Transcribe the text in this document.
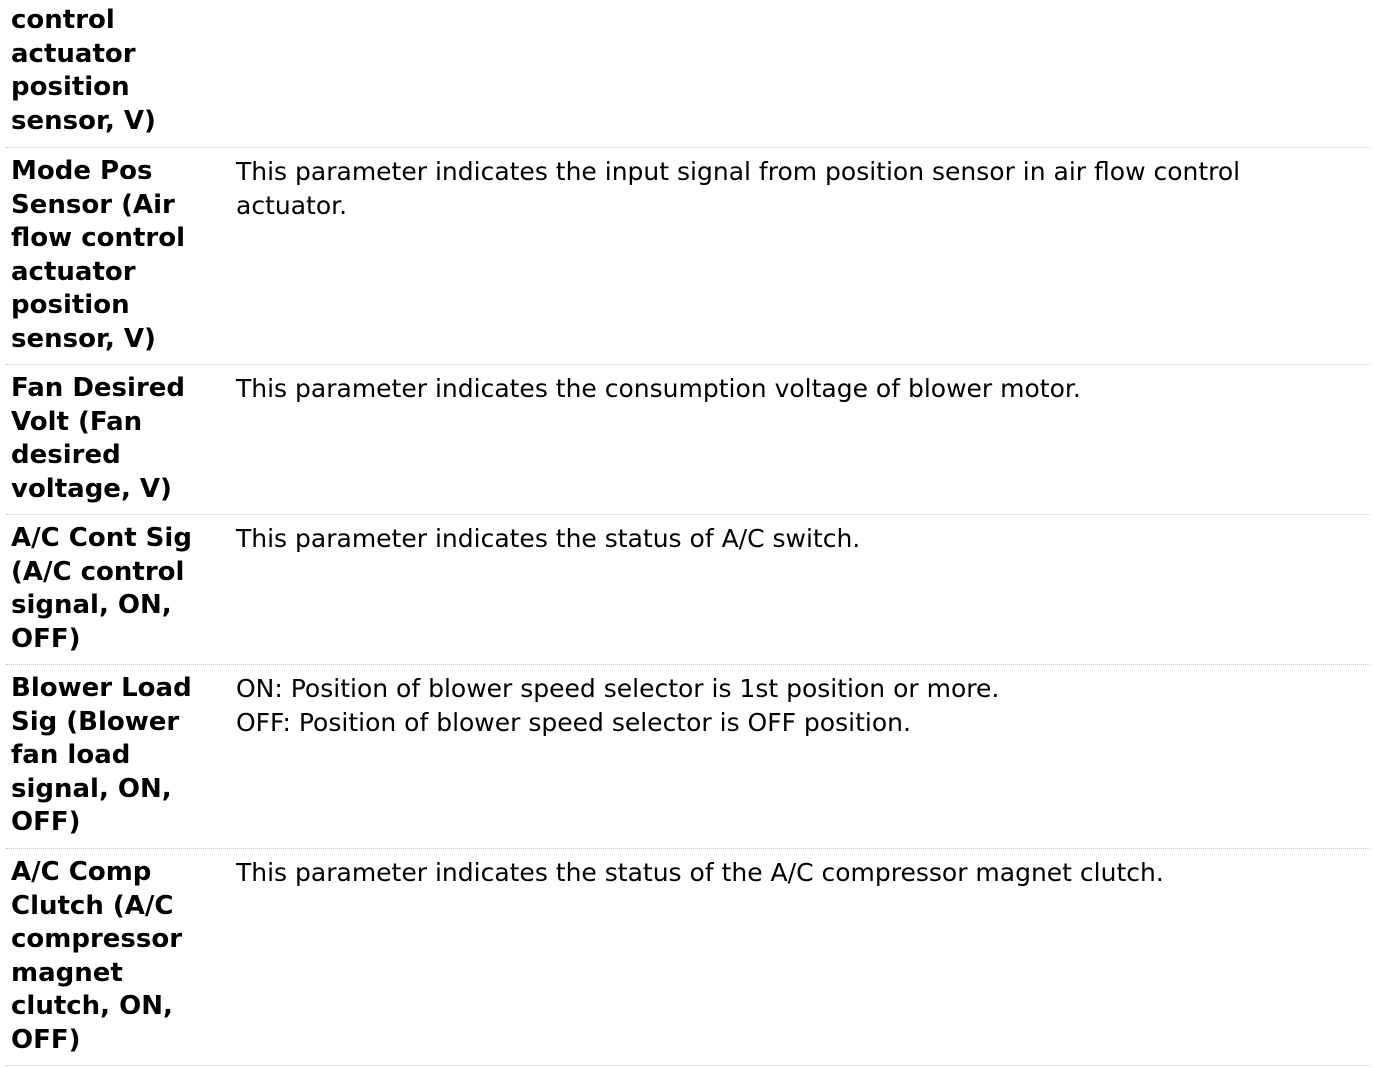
control
actuator
position
sensor, V)
Mode Pos
Sensor (Air
flow control
actuator
position
sensor, V)
This parameter indicates the input signal from position sensor in air flow control
actuator.
Fan Desired
Volt (Fan
desired
voltage, V)
This parameter indicates the consumption voltage of blower motor.
A/C Cont Sig
(A/C control
signal, ON,
OFF)
This parameter indicates the status of A/C switch.
Blower Load
Sig (Blower
fan load
signal, ON,
OFF)
ON: Position of blower speed selector is 1st position or more.
OFF: Position of blower speed selector is OFF position.
A/C Comp
Clutch (A/C
compressor
magnet
clutch, ON,
OFF)
This parameter indicates the status of the A/C compressor magnet clutch.
